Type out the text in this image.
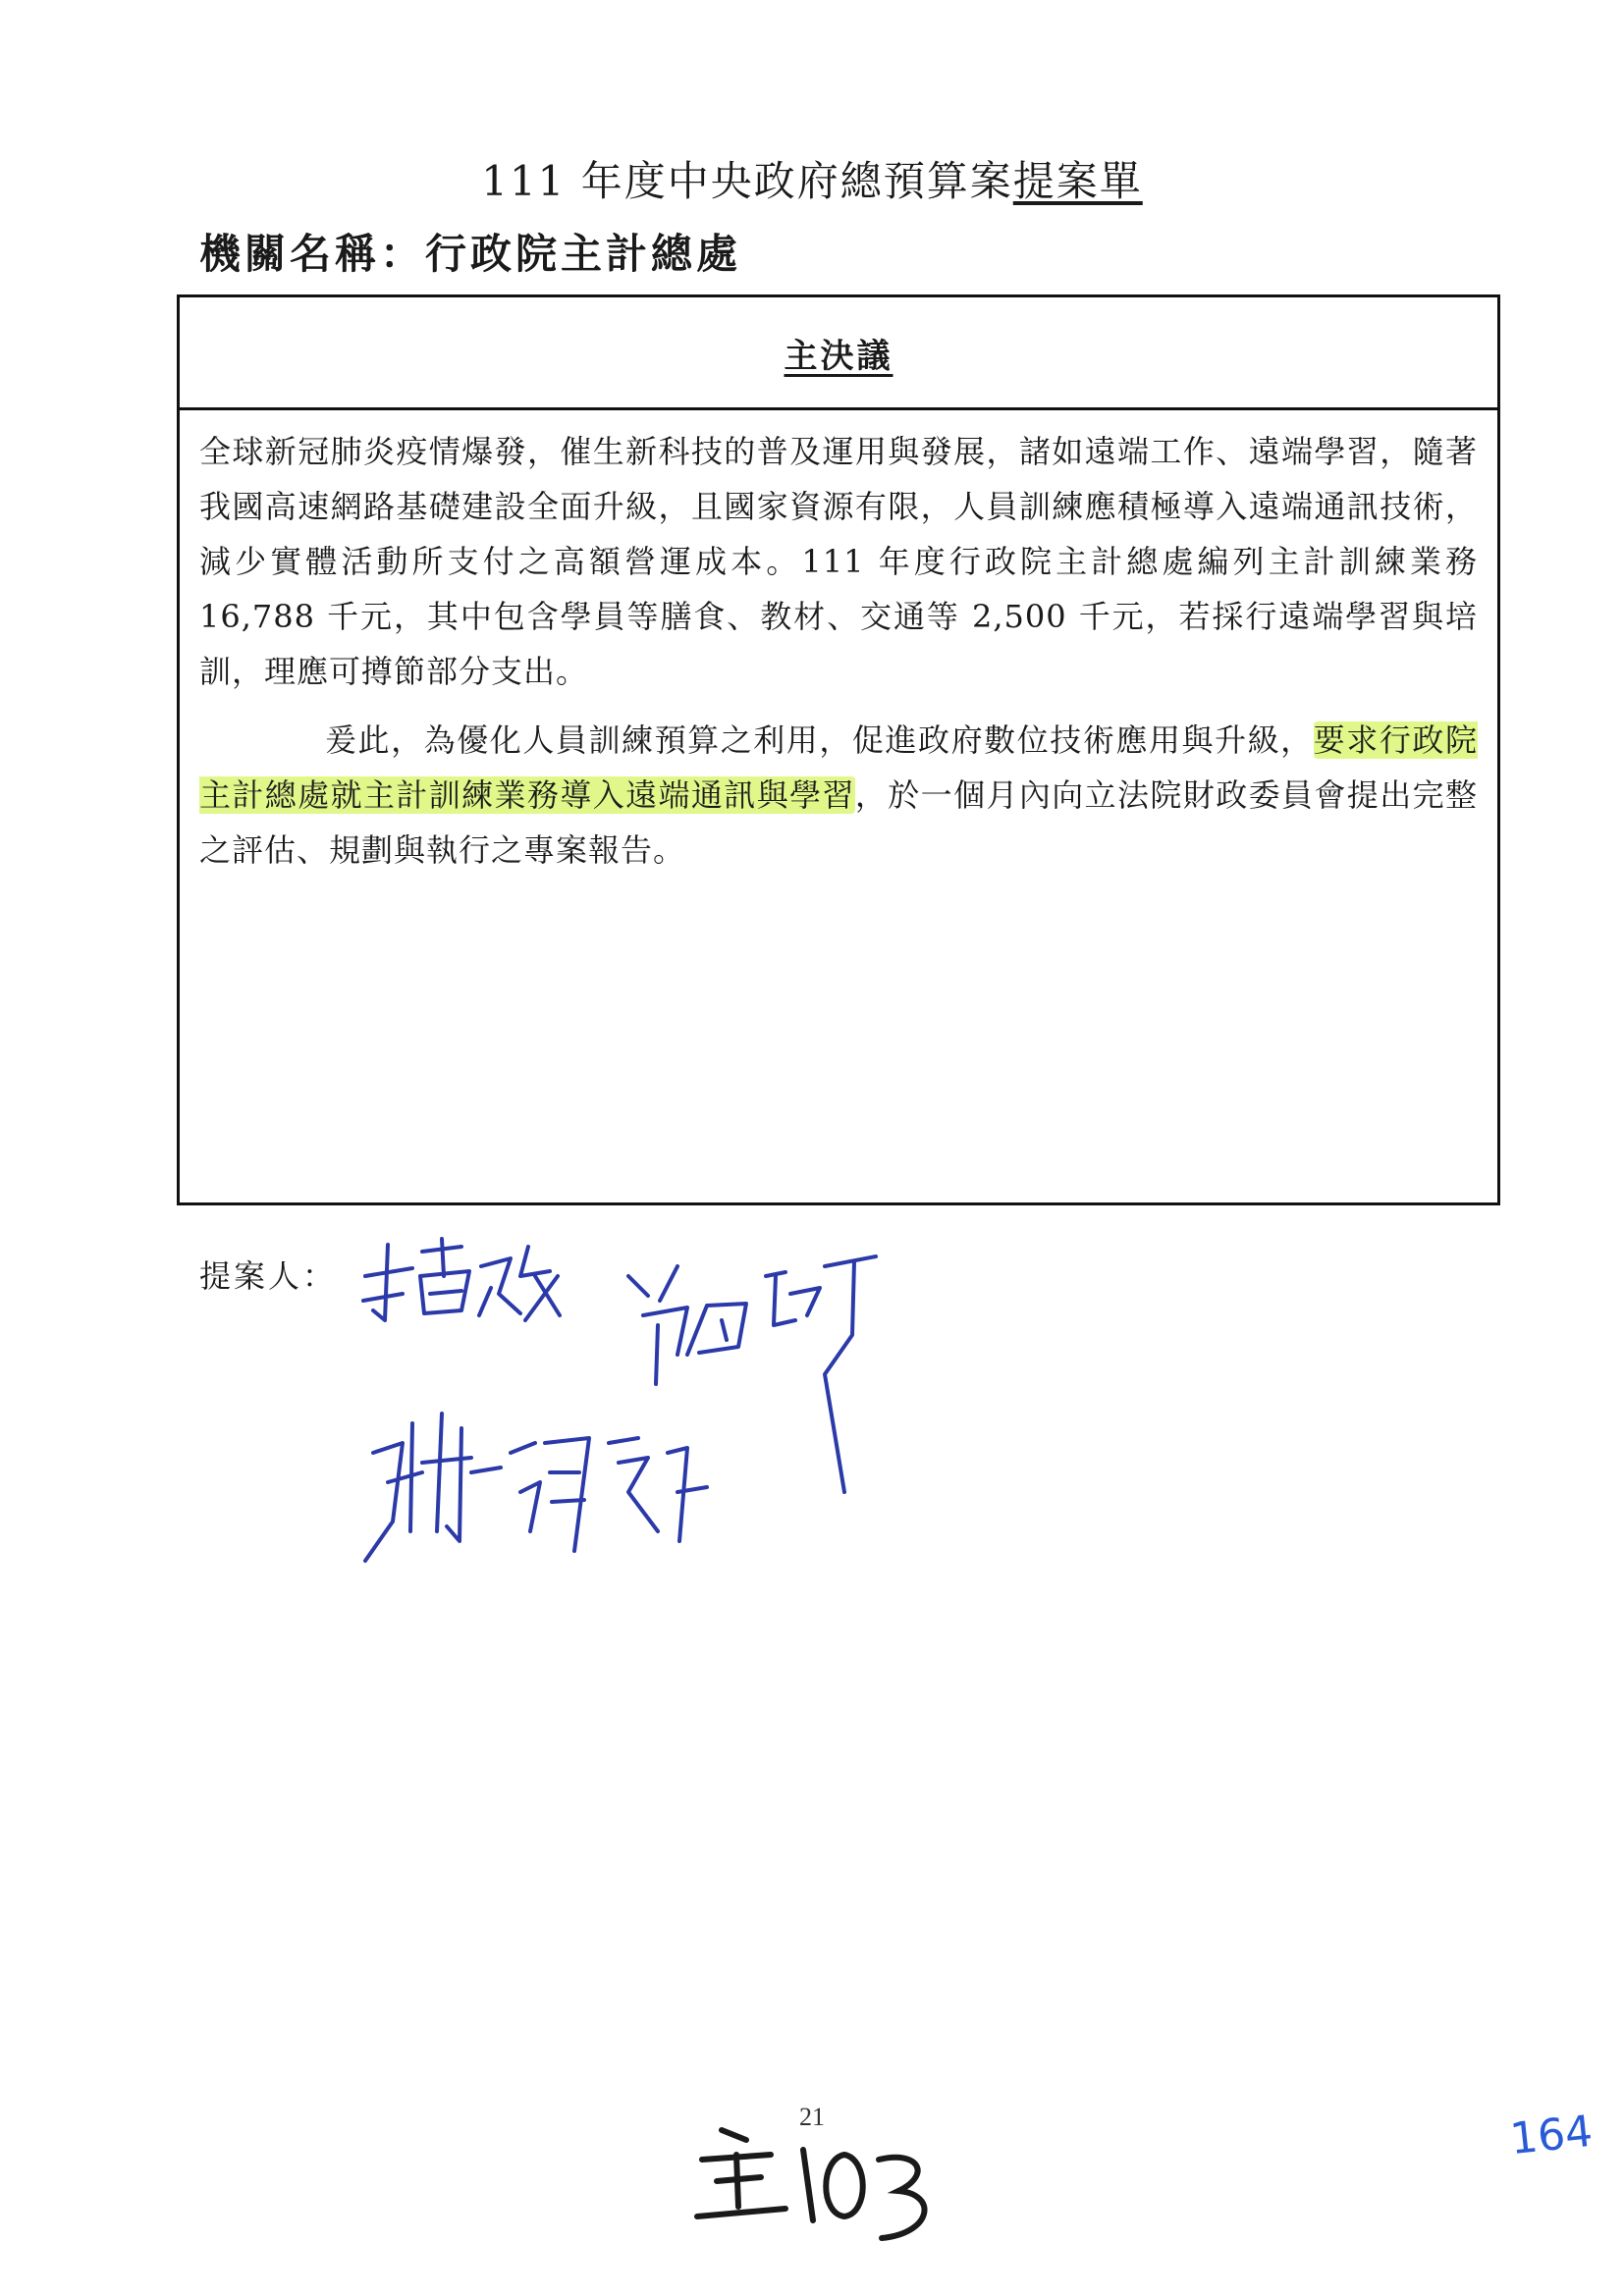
111 年度中央政府總預算案提案單
機關名稱：行政院主計總處
主決議

全球新冠肺炎疫情爆發，催生新科技的普及運用與發展，諸如遠端工作、遠端學習，隨著我國高速網路基礎建設全面升級，且國家資源有限，人員訓練應積極導入遠端通訊技術，減少實體活動所支付之高額營運成本。111 年度行政院主計總處編列主計訓練業務 16,788 千元，其中包含學員等膳食、教材、交通等 2,500 千元，若採行遠端學習與培訓，理應可撙節部分支出。

爰此，為優化人員訓練預算之利用，促進政府數位技術應用與升級，要求行政院主計總處就主計訓練業務導入遠端通訊與學習，於一個月內向立法院財政委員會提出完整之評估、規劃與執行之專案報告。

提案人：
21	164
